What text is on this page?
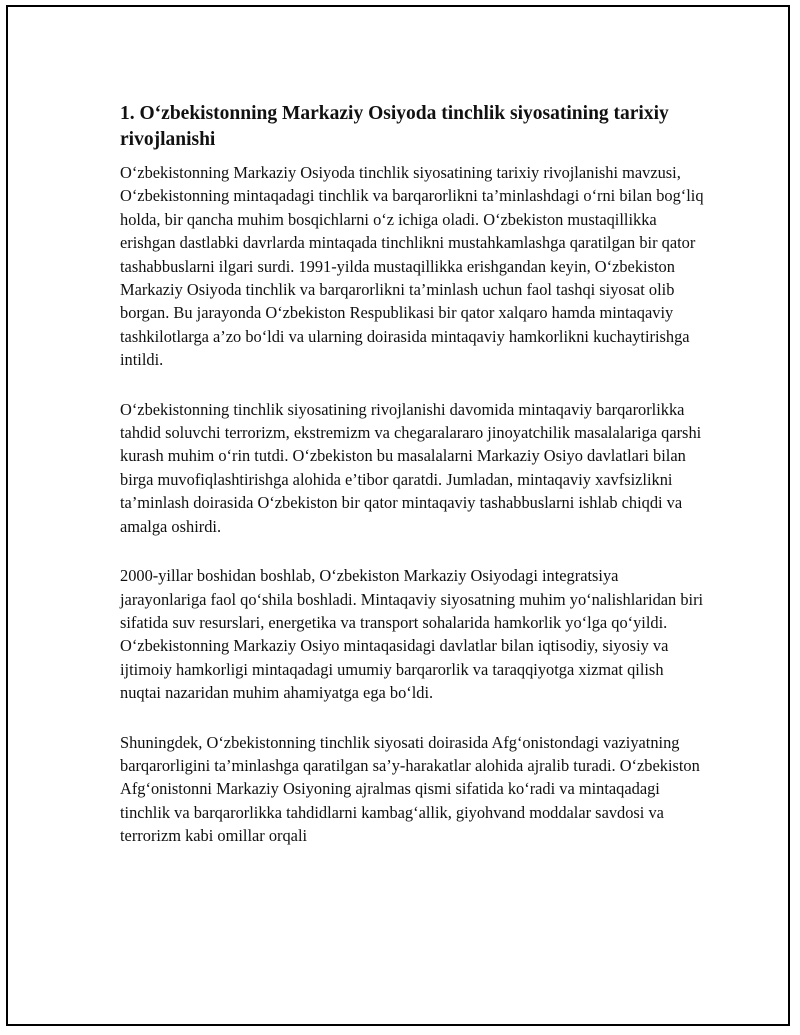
1. O‘zbekistonning Markaziy Osiyoda tinchlik siyosatining tarixiy rivojlanishi

O‘zbekistonning Markaziy Osiyoda tinchlik siyosatining tarixiy rivojlanishi mavzusi, O‘zbekistonning mintaqadagi tinchlik va barqarorlikni ta’minlashdagi o‘rni bilan bog‘liq holda, bir qancha muhim bosqichlarni o‘z ichiga oladi. O‘zbekiston mustaqillikka erishgan dastlabki davrlarda mintaqada tinchlikni mustahkamlashga qaratilgan bir qator tashabbuslarni ilgari surdi. 1991-yilda mustaqillikka erishgandan keyin, O‘zbekiston Markaziy Osiyoda tinchlik va barqarorlikni ta’minlash uchun faol tashqi siyosat olib borgan. Bu jarayonda O‘zbekiston Respublikasi bir qator xalqaro hamda mintaqaviy tashkilotlarga a’zo bo‘ldi va ularning doirasida mintaqaviy hamkorlikni kuchaytirishga intildi.

O‘zbekistonning tinchlik siyosatining rivojlanishi davomida mintaqaviy barqarorlikka tahdid soluvchi terrorizm, ekstremizm va chegaralararo jinoyatchilik masalalariga qarshi kurash muhim o‘rin tutdi. O‘zbekiston bu masalalarni Markaziy Osiyo davlatlari bilan birga muvofiqlashtirishga alohida e’tibor qaratdi. Jumladan, mintaqaviy xavfsizlikni ta’minlash doirasida O‘zbekiston bir qator mintaqaviy tashabbuslarni ishlab chiqdi va amalga oshirdi.

2000-yillar boshidan boshlab, O‘zbekiston Markaziy Osiyodagi integratsiya jarayonlariga faol qo‘shila boshladi. Mintaqaviy siyosatning muhim yo‘nalishlaridan biri sifatida suv resurslari, energetika va transport sohalarida hamkorlik yo‘lga qo‘yildi. O‘zbekistonning Markaziy Osiyo mintaqasidagi davlatlar bilan iqtisodiy, siyosiy va ijtimoiy hamkorligi mintaqadagi umumiy barqarorlik va taraqqiyotga xizmat qilish nuqtai nazaridan muhim ahamiyatga ega bo‘ldi.

Shuningdek, O‘zbekistonning tinchlik siyosati doirasida Afg‘onistondagi vaziyatning barqarorligini ta’minlashga qaratilgan sa’y-harakatlar alohida ajralib turadi. O‘zbekiston Afg‘onistonni Markaziy Osiyoning ajralmas qismi sifatida ko‘radi va mintaqadagi tinchlik va barqarorlikka tahdidlarni kambag‘allik, giyohvand moddalar savdosi va terrorizm kabi omillar orqali
